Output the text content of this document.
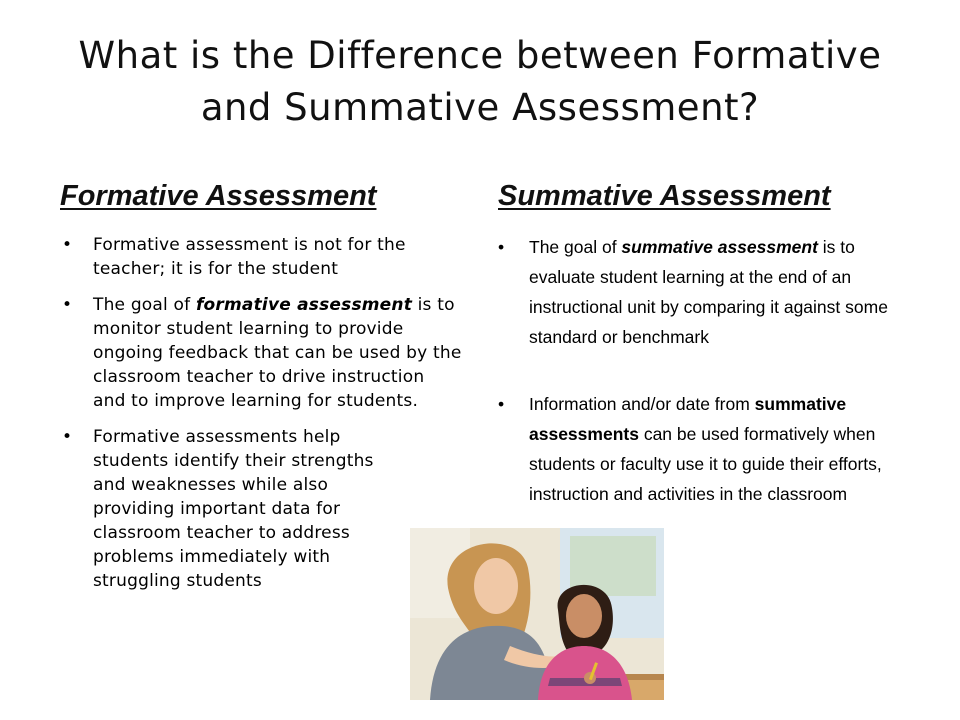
What is the Difference between Formative and Summative Assessment?
Formative Assessment	Summative Assessment
• Formative assessment is not for the teacher; it is for the student
• The goal of formative assessment is to monitor student learning to provide ongoing feedback that can be used by the classroom teacher to drive instruction and to improve learning for students.
• Formative assessments help students identify their strengths and weaknesses while also providing important data for classroom teacher to address problems immediately with struggling students
• The goal of summative assessment is to evaluate student learning at the end of an instructional unit by comparing it against some standard or benchmark
• Information and/or date from summative assessments can be used formatively when students or faculty use it to guide their efforts, instruction and activities in the classroom
